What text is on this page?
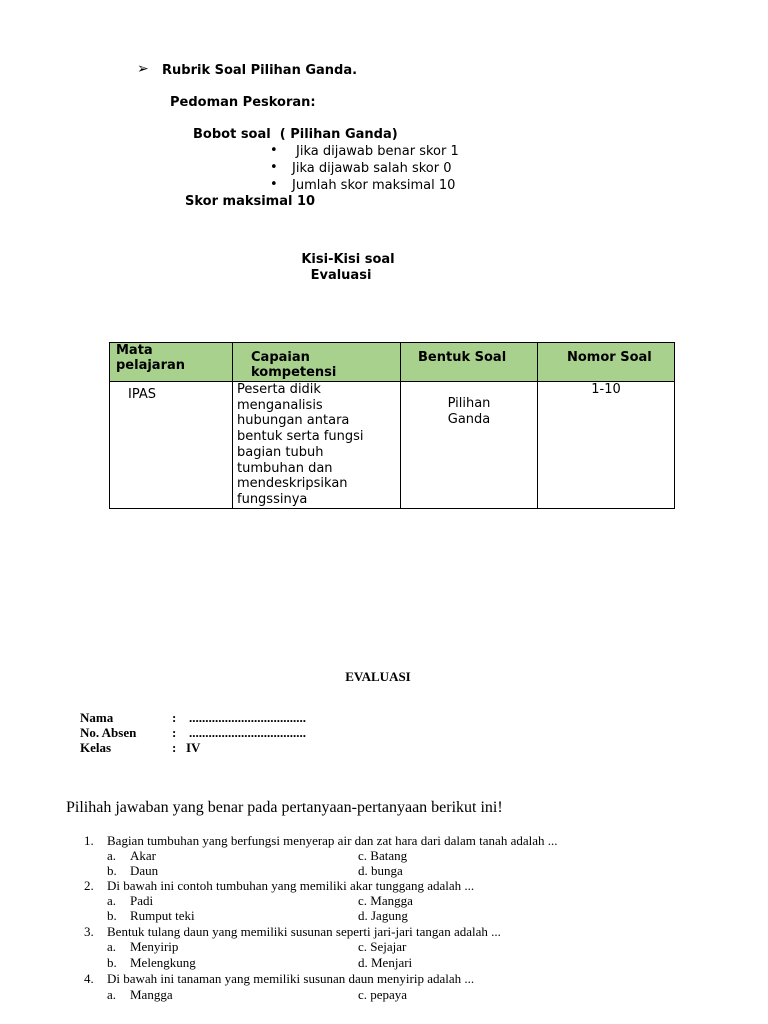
➢ Rubrik Soal Pilihan Ganda.
Pedoman Peskoran:
Bobot soal  ( Pilihan Ganda)
• Jika dijawab benar skor 1
• Jika dijawab salah skor 0
• Jumlah skor maksimal 10
Skor maksimal 10
Kisi-Kisi soal
Evaluasi
Mata pelajaran	Capaian kompetensi	Bentuk Soal	Nomor Soal

IPAS	Peserta didik menganalisis hubungan antara bentuk serta fungsi bagian tubuh tumbuhan dan mendeskripsikan fungssinya	Pilihan Ganda	1-10
EVALUASI
Nama	: ....................................
No. Absen	: ....................................
Kelas	: IV
Pilihah jawaban yang benar pada pertanyaan-pertanyaan berikut ini!
1. Bagian tumbuhan yang berfungsi menyerap air dan zat hara dari dalam tanah adalah ...
a. Akar	c. Batang
b. Daun	d. bunga
2. Di bawah ini contoh tumbuhan yang memiliki akar tunggang adalah ...
a. Padi	c. Mangga
b. Rumput teki	d. Jagung
3. Bentuk tulang daun yang memiliki susunan seperti jari-jari tangan adalah ...
a. Menyirip	c. Sejajar
b. Melengkung	d. Menjari
4. Di bawah ini tanaman yang memiliki susunan daun menyirip adalah ...
a. Mangga	c. pepaya
